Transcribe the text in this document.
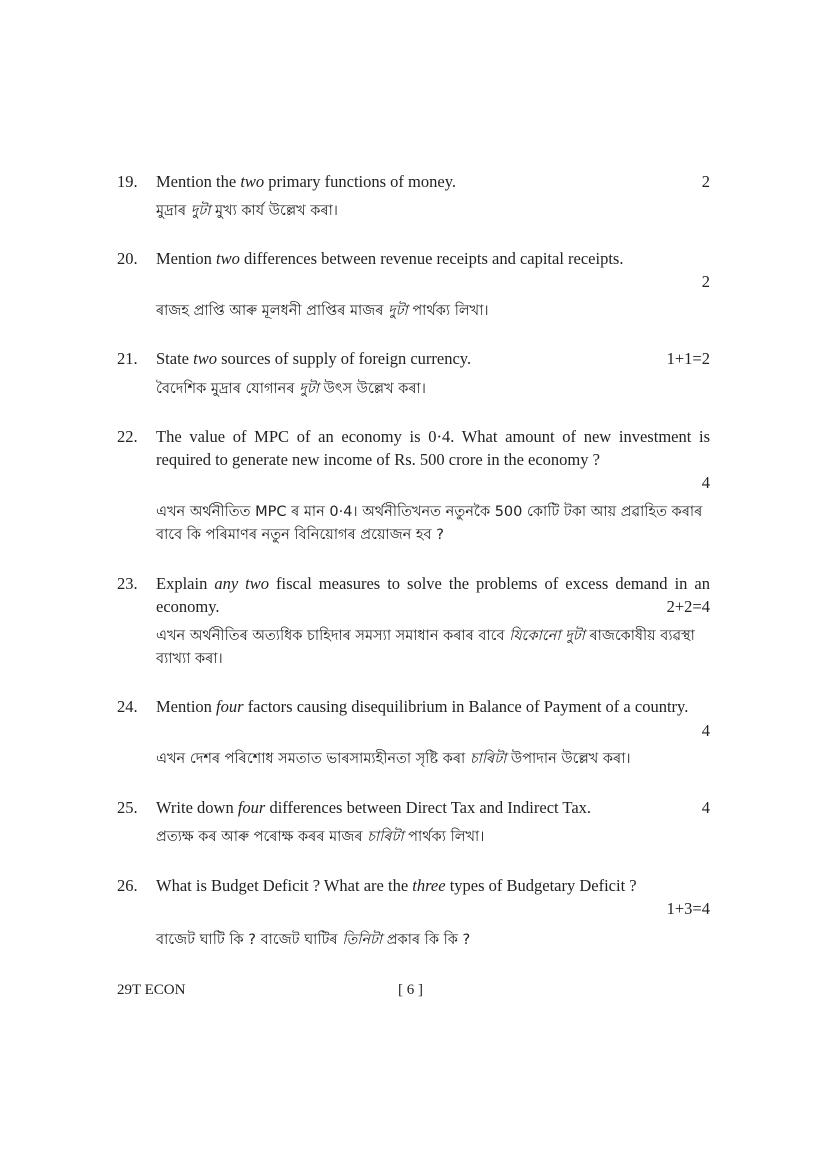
19. Mention the two primary functions of money.	2
মুদ্ৰাৰ দুটা মুখ্য কাৰ্য উল্লেখ কৰা।
20. Mention two differences between revenue receipts and capital receipts.
2
ৰাজহ প্ৰাপ্তি আৰু মূলধনী প্ৰাপ্তিৰ মাজৰ দুটা পাৰ্থক্য লিখা।
21. State two sources of supply of foreign currency.	1+1=2
বৈদেশিক মুদ্ৰাৰ যোগানৰ দুটা উৎস উল্লেখ কৰা।
22. The value of MPC of an economy is 0·4. What amount of new investment is required to generate new income of Rs. 500 crore in the economy ?
4
এখন অৰ্থনীতিত MPC ৰ মান 0·4। অৰ্থনীতিখনত নতুনকৈ 500 কোটি টকা আয় প্ৰৱাহিত কৰাৰ বাবে কি পৰিমাণৰ নতুন বিনিয়োগৰ প্ৰয়োজন হব ?
23. Explain any two fiscal measures to solve the problems of excess demand in an economy.	2+2=4
এখন অৰ্থনীতিৰ অত্যধিক চাহিদাৰ সমস্যা সমাধান কৰাৰ বাবে যিকোনো দুটা ৰাজকোষীয় ব্যৱস্থা ব্যাখ্যা কৰা।
24. Mention four factors causing disequilibrium in Balance of Payment of a country.
4
এখন দেশৰ পৰিশোধ সমতাত ভাৰসাম্যহীনতা সৃষ্টি কৰা চাৰিটা উপাদান উল্লেখ কৰা।
25. Write down four differences between Direct Tax and Indirect Tax.	4
প্ৰত্যক্ষ কৰ আৰু পৰোক্ষ কৰৰ মাজৰ চাৰিটা পাৰ্থক্য লিখা।
26. What is Budget Deficit ? What are the three types of Budgetary Deficit ?
1+3=4
বাজেট ঘাটি কি ? বাজেট ঘাটিৰ তিনিটা প্ৰকাৰ কি কি ?
29T ECON	[ 6 ]
